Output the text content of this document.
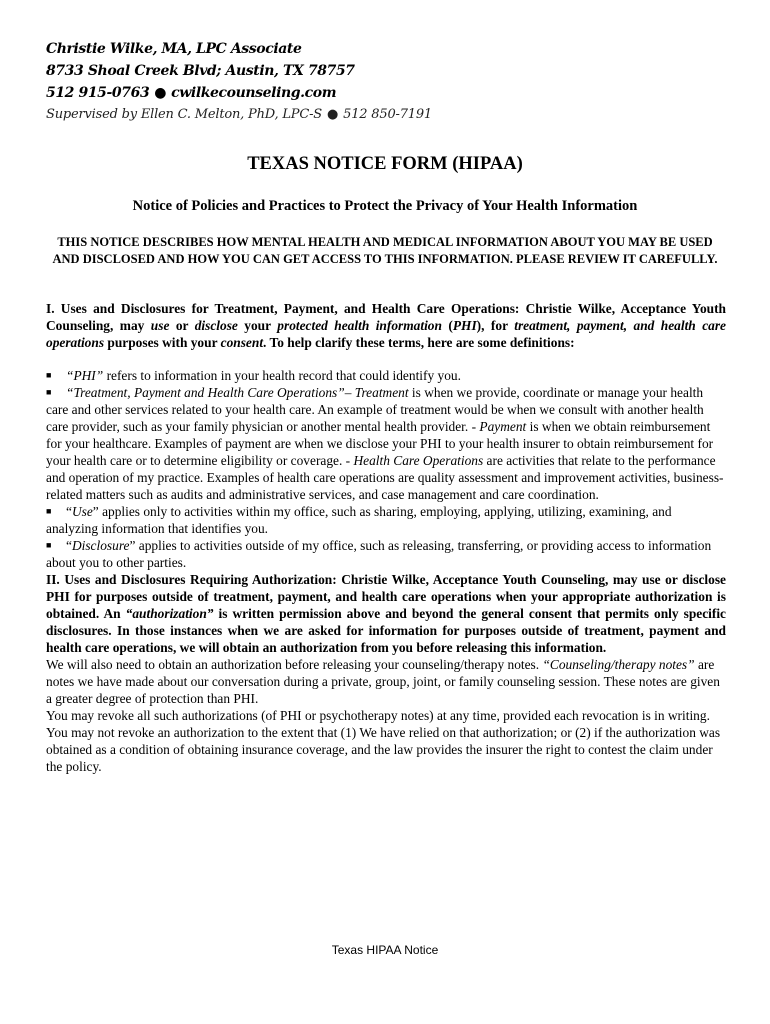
Christie Wilke, MA, LPC Associate
8733 Shoal Creek Blvd; Austin, TX 78757
512 915-0763 ● cwilkecounseling.com
Supervised by Ellen C. Melton, PhD, LPC-S ● 512 850-7191
TEXAS NOTICE FORM (HIPAA)
Notice of Policies and Practices to Protect the Privacy of Your Health Information
THIS NOTICE DESCRIBES HOW MENTAL HEALTH AND MEDICAL INFORMATION ABOUT YOU MAY BE USED AND DISCLOSED AND HOW YOU CAN GET ACCESS TO THIS INFORMATION. PLEASE REVIEW IT CAREFULLY.

I. Uses and Disclosures for Treatment, Payment, and Health Care Operations: Christie Wilke, Acceptance Youth Counseling, may use or disclose your protected health information (PHI), for treatment, payment, and health care operations purposes with your consent. To help clarify these terms, here are some definitions:

■ “PHI” refers to information in your health record that could identify you.

■ “Treatment, Payment and Health Care Operations”– Treatment is when we provide, coordinate or manage your health care and other services related to your health care. An example of treatment would be when we consult with another health care provider, such as your family physician or another mental health provider. - Payment is when we obtain reimbursement for your healthcare. Examples of payment are when we disclose your PHI to your health insurer to obtain reimbursement for your health care or to determine eligibility or coverage. - Health Care Operations are activities that relate to the performance and operation of my practice. Examples of health care operations are quality assessment and improvement activities, business- related matters such as audits and administrative services, and case management and care coordination.

■ “Use” applies only to activities within my office, such as sharing, employing, applying, utilizing, examining, and analyzing information that identifies you.

■ “Disclosure” applies to activities outside of my office, such as releasing, transferring, or providing access to information about you to other parties.

II. Uses and Disclosures Requiring Authorization: Christie Wilke, Acceptance Youth Counseling, may use or disclose PHI for purposes outside of treatment, payment, and health care operations when your appropriate authorization is obtained. An “authorization” is written permission above and beyond the general consent that permits only specific disclosures. In those instances when we are asked for information for purposes outside of treatment, payment and health care operations, we will obtain an authorization from you before releasing this information.

We will also need to obtain an authorization before releasing your counseling/therapy notes. “Counseling/therapy notes” are notes we have made about our conversation during a private, group, joint, or family counseling session. These notes are given a greater degree of protection than PHI.

You may revoke all such authorizations (of PHI or psychotherapy notes) at any time, provided each revocation is in writing. You may not revoke an authorization to the extent that (1) We have relied on that authorization; or (2) if the authorization was obtained as a condition of obtaining insurance coverage, and the law provides the insurer the right to contest the claim under the policy.

Texas HIPAA Notice
